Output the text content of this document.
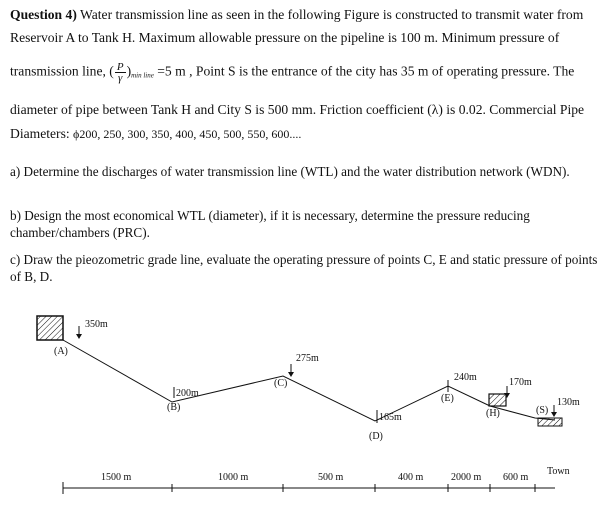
Question 4) Water transmission line as seen in the following Figure is constructed to transmit water from
Reservoir A to Tank H. Maximum allowable pressure on the pipeline is 100 m. Minimum pressure of
transmission line, ( $\frac{P}{\gamma} )_{min line} =5$ m , Point S is the entrance of the city has 35 m of operating pressure. The
diameter of pipe between Tank H and City S is 500 mm. Friction coefficient (λ) is 0.02. Commercial Pipe
Diameters: ϕ200, 250, 300, 350, 400, 450, 500, 550, 600....
a) Determine the discharges of water transmission line (WTL) and the water distribution network (WDN).
b) Design the most economical WTL (diameter), if it is necessary, determine the pressure reducing chamber/chambers (PRC).
c) Draw the pieozometric grade line, evaluate the operating pressure of points C, E and static pressure of points of B, D.
(A)
(B)
(C)
(D)
(E)
(H)	(S)
350m
200m
275m
165m
240m	170m
130m
Town
1500 m	1000 m	500 m	400 m	2000 m 600 m
